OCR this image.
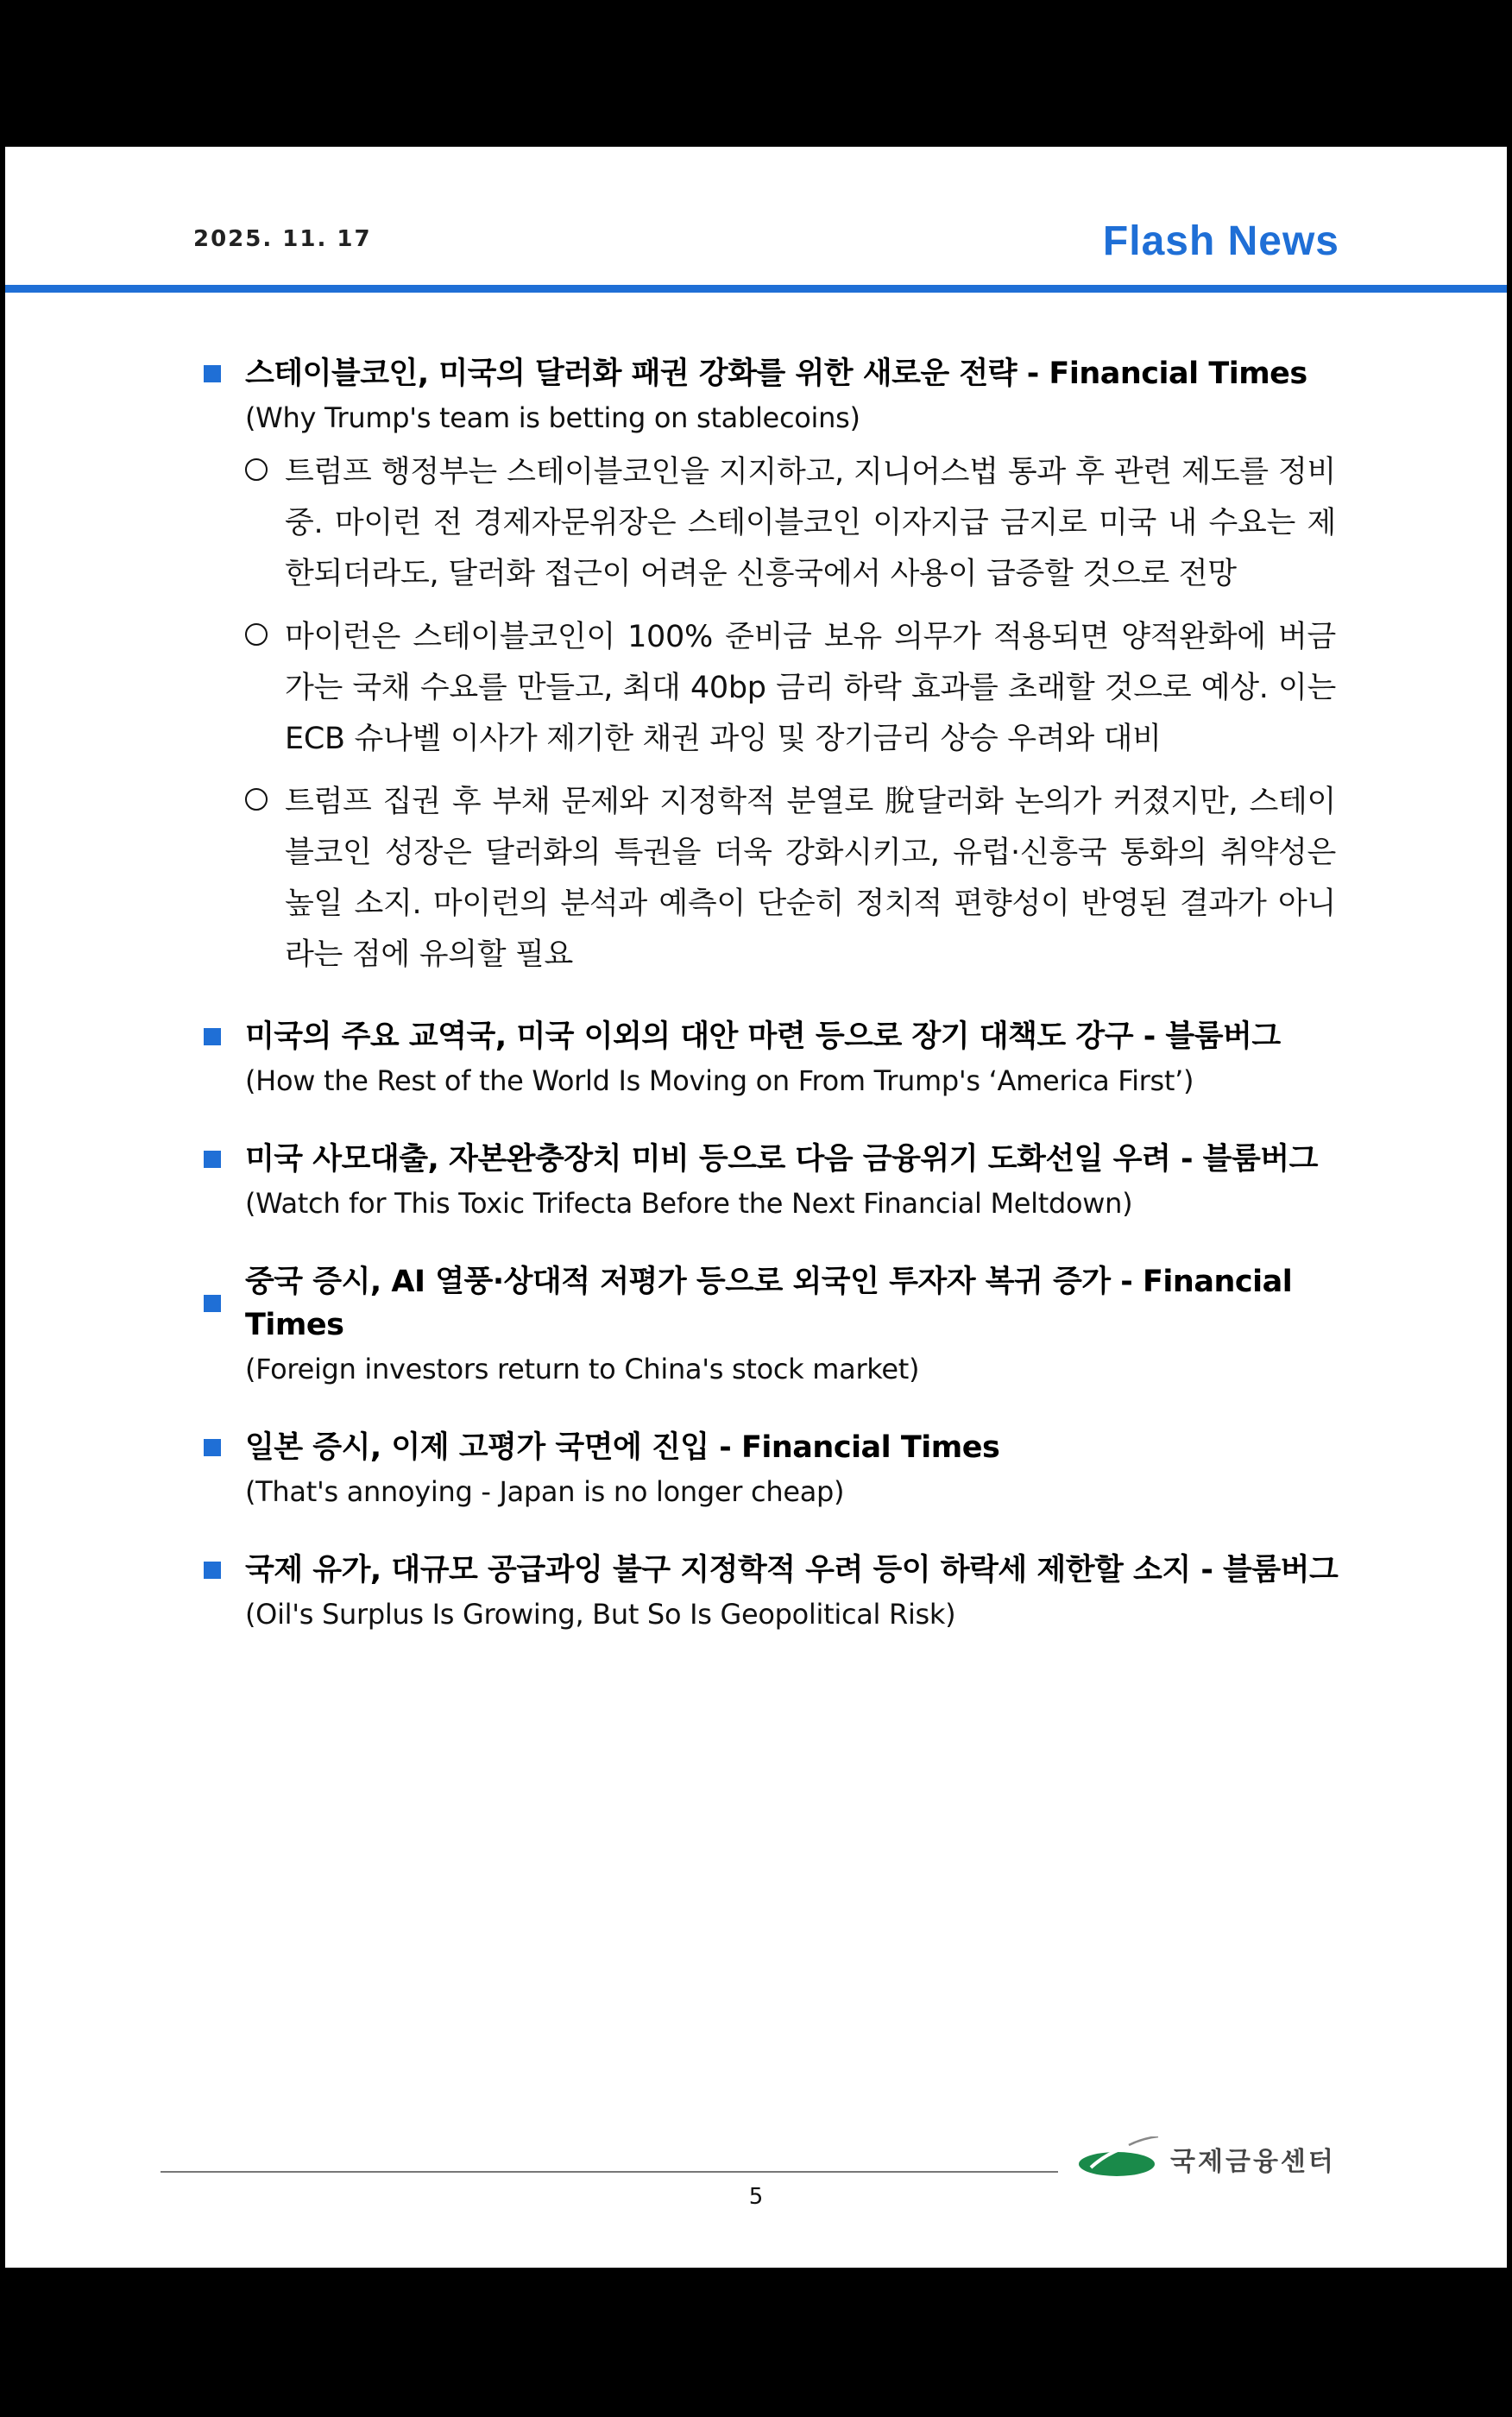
2025. 11. 17	Flash News
스테이블코인, 미국의 달러화 패권 강화를 위한 새로운 전략 - Financial Times
(Why Trump's team is betting on stablecoins)
트럼프 행정부는 스테이블코인을 지지하고, 지니어스법 통과 후 관련 제도를 정비중. 마이런 전 경제자문위장은 스테이블코인 이자지급 금지로 미국 내 수요는 제한되더라도, 달러화 접근이 어려운 신흥국에서 사용이 급증할 것으로 전망
마이런은 스테이블코인이 100% 준비금 보유 의무가 적용되면 양적완화에 버금가는 국채 수요를 만들고, 최대 40bp 금리 하락 효과를 초래할 것으로 예상. 이는 ECB 슈나벨 이사가 제기한 채권 과잉 및 장기금리 상승 우려와 대비
트럼프 집권 후 부채 문제와 지정학적 분열로 脫달러화 논의가 커졌지만, 스테이블코인 성장은 달러화의 특권을 더욱 강화시키고, 유럽·신흥국 통화의 취약성은 높일 소지. 마이런의 분석과 예측이 단순히 정치적 편향성이 반영된 결과가 아니라는 점에 유의할 필요
미국의 주요 교역국, 미국 이외의 대안 마련 등으로 장기 대책도 강구 - 블룸버그
(How the Rest of the World Is Moving on From Trump's ‘America First’)
미국 사모대출, 자본완충장치 미비 등으로 다음 금융위기 도화선일 우려 - 블룸버그
(Watch for This Toxic Trifecta Before the Next Financial Meltdown)
중국 증시, AI 열풍·상대적 저평가 등으로 외국인 투자자 복귀 증가 - Financial Times
(Foreign investors return to China's stock market)
일본 증시, 이제 고평가 국면에 진입 - Financial Times
(That's annoying - Japan is no longer cheap)
국제 유가, 대규모 공급과잉 불구 지정학적 우려 등이 하락세 제한할 소지 - 블룸버그
(Oil's Surplus Is Growing, But So Is Geopolitical Risk)
국제금융센터
5
